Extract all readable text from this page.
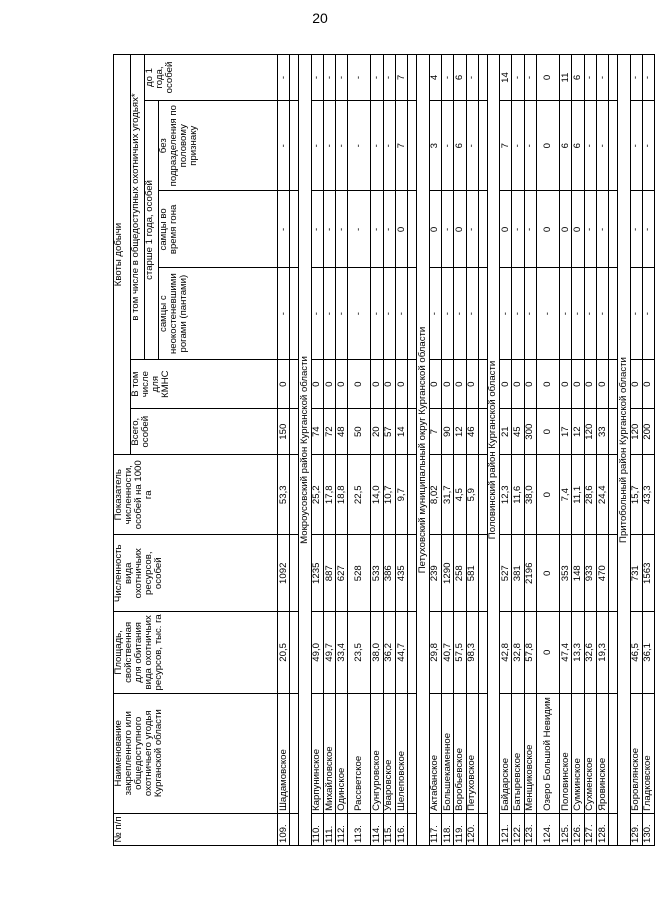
20
№ п/п	Наименование закрепленного или общедоступного охотничьего угодья Курганской области	Площадь, свойственная для обитания вида охотничьих ресурсов, тыс. га	Численность вида охотничьих ресурсов, особей	Показатель численности, особей на 1000 га	Квоты добычи					
					Всего, особей	В том числе для КМНС	в том числе в общедоступных охотничьих угодьях*			
							старше 1 года, особей			до 1 года, особей
							самцы с неокостеневшими рогами (пантами)	самцы во время гона	без подразделения по половому признаку	
109.	Шадамовское	20,5	1092	53,3	150	0	-	-	-	-

Мокроусовский район Курганской области										
110.	Карпунинское	49,0	1235	25,2	74	0	-	-	-	-
111.	Михайловское	49,7	887	17,8	72	0	-	-	-	-
112.	Одинское	33,4	627	18,8	48	0	-	-	-	-
113.	Рассветское	23,5	528	22,5	50	0	-	-	-	-
114.	Сунгуровское	38,0	533	14,0	20	0	-	-	-	-
115.	Уваровское	36,2	386	10,7	57	0	-	-	-	-
116.	Шелеповское	44,7	435	9,7	14	0	-	0	7	7

Петуховский муниципальный округ Курганской области										
117.	Актабанское	29,8	239	8,02	7	0	-	0	3	4
118.	Большекаменное	40,7	1290	31,7	90	0	-	-	-	-
119.	Воробьевское	57,5	258	4,5	12	0	-	0	6	6
120.	Петуховское	98,3	581	5,9	46	0	-	-	-	-

Половинский район Курганской области										
121.	Байдарское	42,8	527	12,3	21	0	-	0	7	14
122.	Батыревское	32,8	381	11,6	45	0	-	-	-	-
123.	Менщиковское	57,8	2196	38,0	300	0	-	-	-	-
124.	Озеро Большой Невидим	0	0	0	0	0	-	0	0	0
125.	Половинское	47,4	353	7,4	17	0	-	0	6	11
126.	Сумкинское	13,3	148	11,1	12	0	-	0	6	6
127.	Сухменское	32,6	933	28,6	120	0	-	-	-	-
128.	Яровинское	19,3	470	24,4	33	0	-	-	-	-

Притобольный район Курганской области										
129.	Боровлянское	46,5	731	15,7	120	0	-	-	-	-
130.	Гладковское	36,1	1563	43,3	200	0	-	-	-	-
